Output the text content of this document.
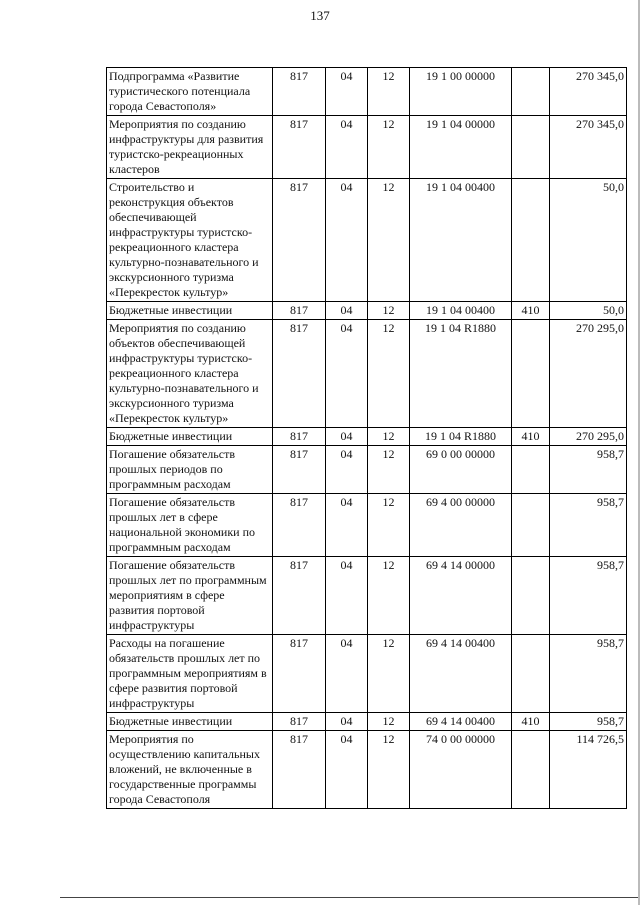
137
Подпрограмма «Развитие туристического потенциала города Севастополя»	817	04	12	19 1 00 00000		270 345,0
Мероприятия по созданию инфраструктуры для развития туристско-рекреационных кластеров	817	04	12	19 1 04 00000		270 345,0
Строительство и реконструкция объектов обеспечивающей инфраструктуры туристско-рекреационного кластера культурно-познавательного и экскурсионного туризма «Перекресток культур»	817	04	12	19 1 04 00400		50,0
Бюджетные инвестиции	817	04	12	19 1 04 00400	410	50,0
Мероприятия по созданию объектов обеспечивающей инфраструктуры туристско-рекреационного кластера культурно-познавательного и экскурсионного туризма «Перекресток культур»	817	04	12	19 1 04 R1880		270 295,0
Бюджетные инвестиции	817	04	12	19 1 04 R1880	410	270 295,0
Погашение обязательств прошлых периодов по программным расходам	817	04	12	69 0 00 00000		958,7
Погашение обязательств прошлых лет в сфере национальной экономики по программным расходам	817	04	12	69 4 00 00000		958,7
Погашение обязательств прошлых лет по программным мероприятиям в сфере развития портовой инфраструктуры	817	04	12	69 4 14 00000		958,7
Расходы на погашение обязательств прошлых лет по программным мероприятиям в сфере развития портовой инфраструктуры	817	04	12	69 4 14 00400		958,7
Бюджетные инвестиции	817	04	12	69 4 14 00400	410	958,7
Мероприятия по осуществлению капитальных вложений, не включенные в государственные программы города Севастополя	817	04	12	74 0 00 00000		114 726,5
